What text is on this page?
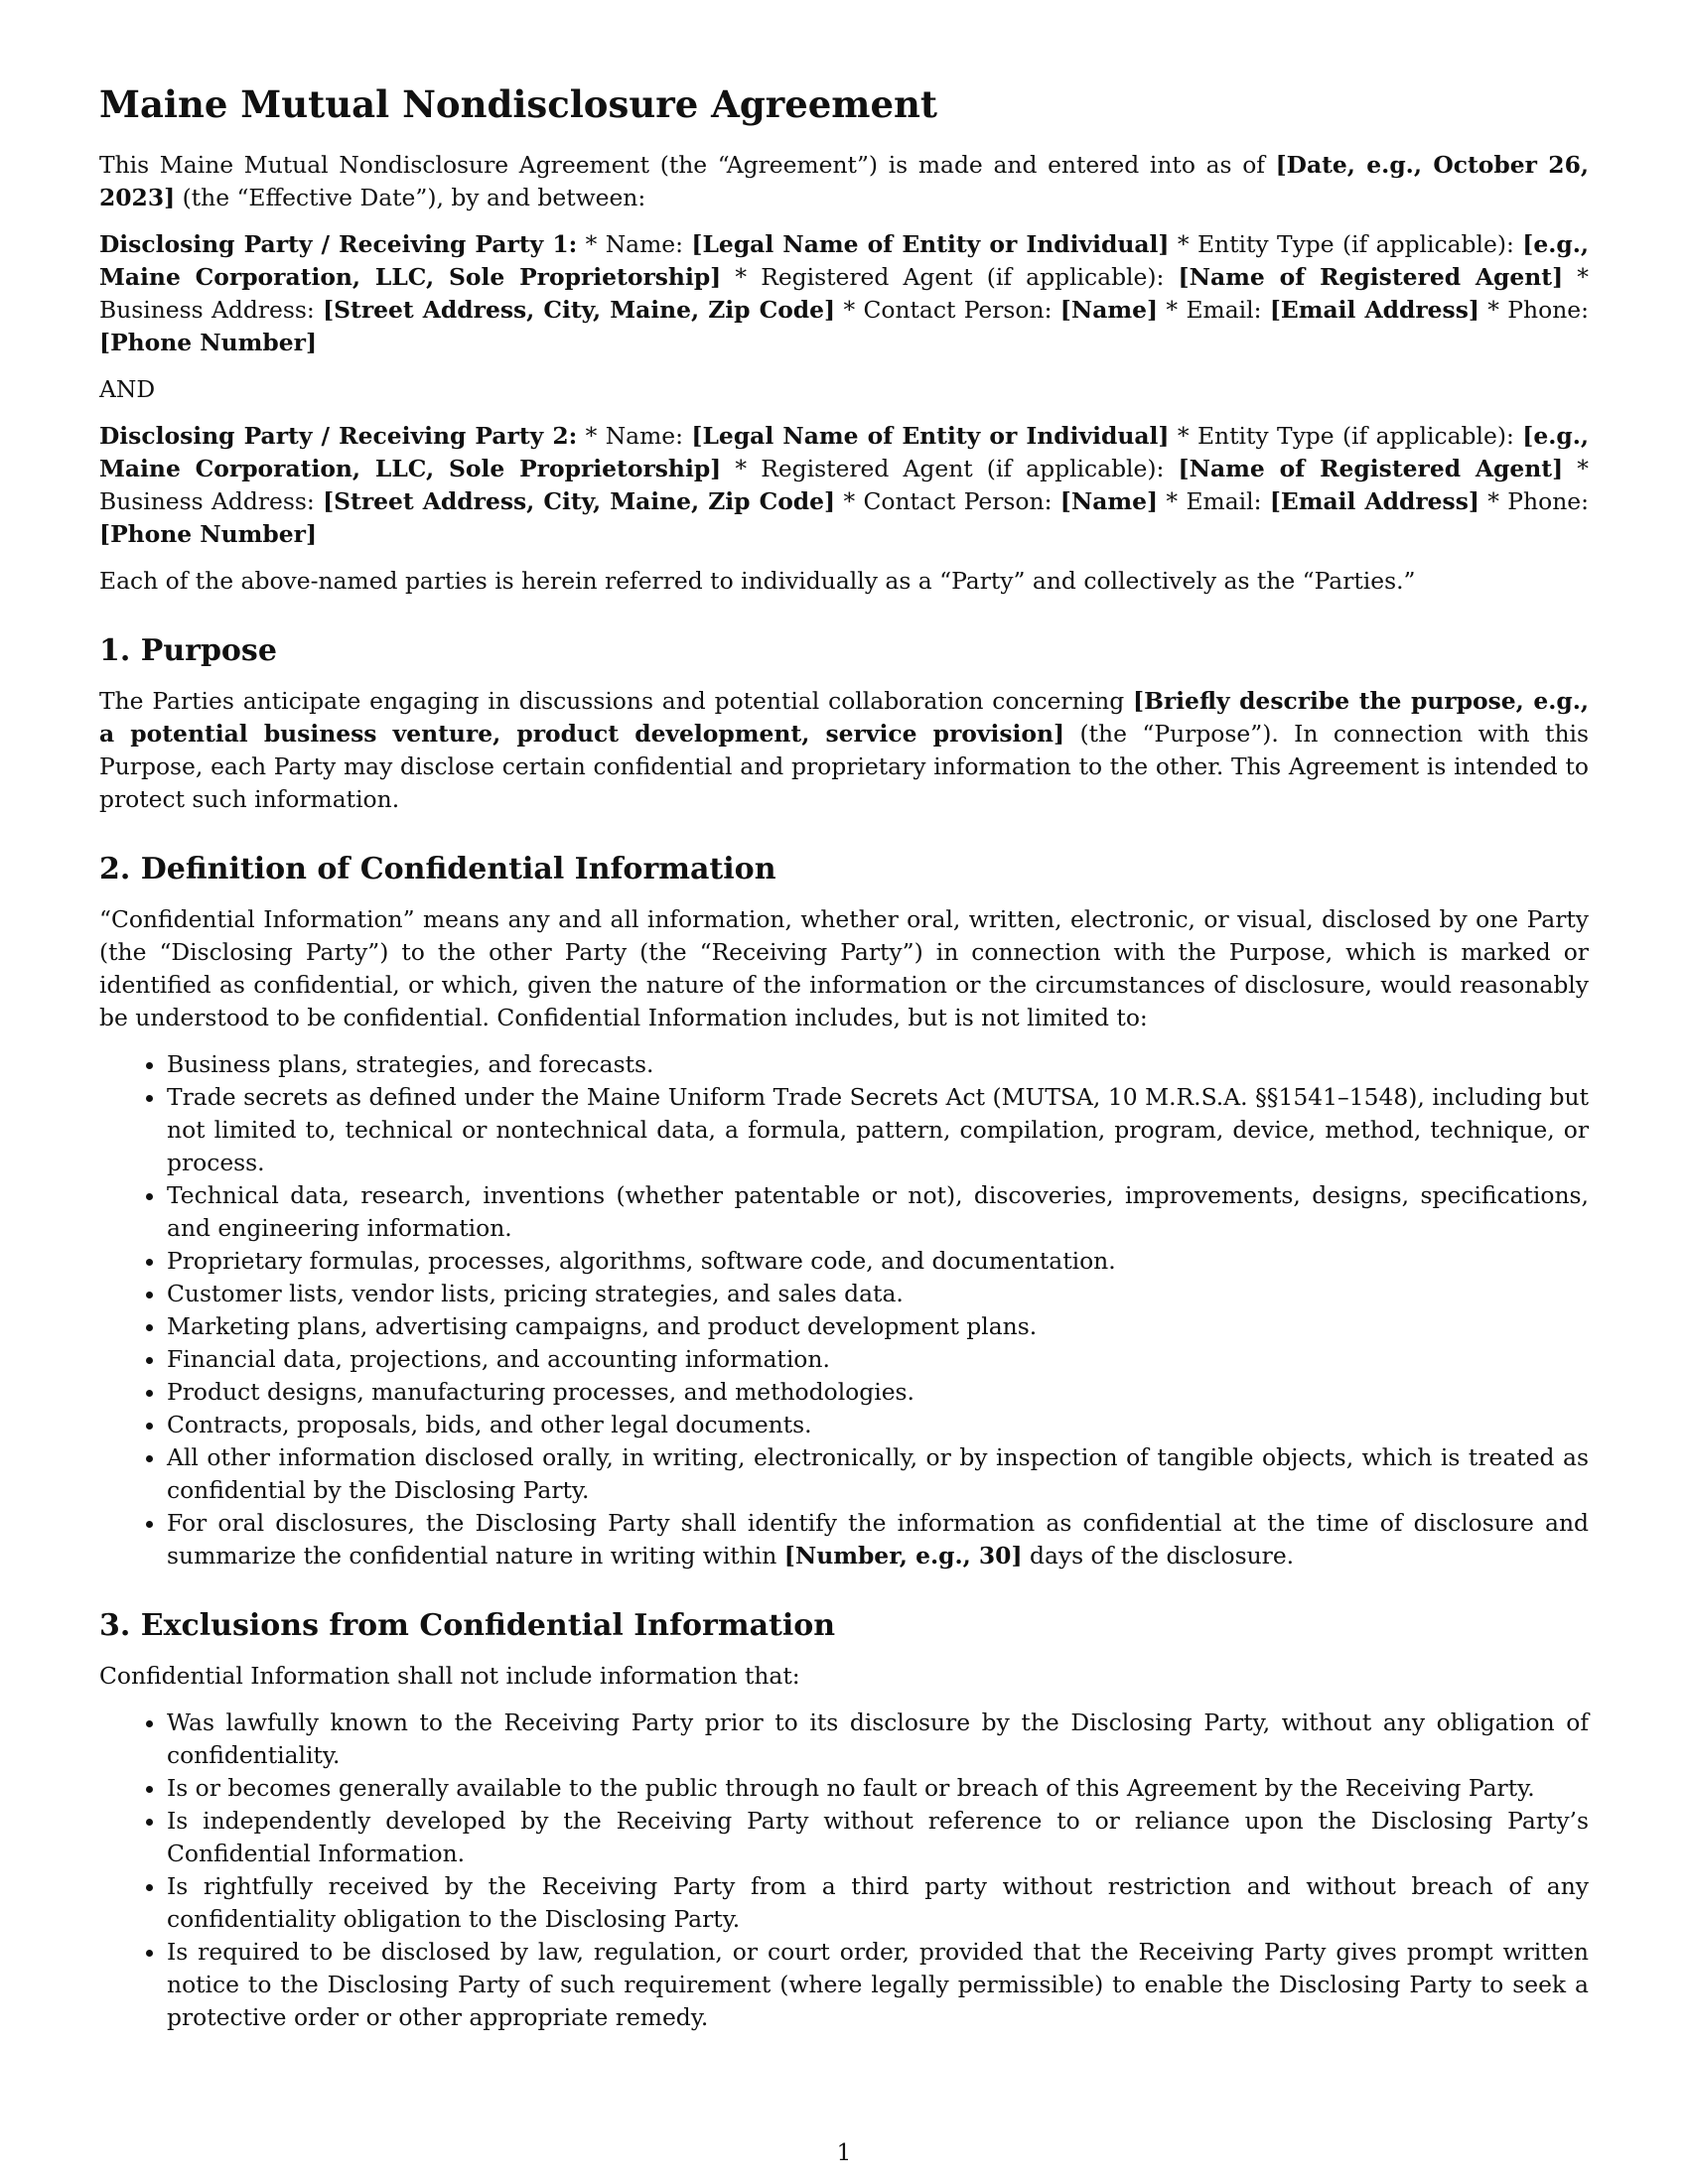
Maine Mutual Nondisclosure Agreement

This Maine Mutual Nondisclosure Agreement (the “Agreement”) is made and entered into as of [Date, e.g., October 26, 2023] (the “Effective Date”), by and between:

Disclosing Party / Receiving Party 1: * Name: [Legal Name of Entity or Individual] * Entity Type (if applicable): [e.g., Maine Corporation, LLC, Sole Proprietorship] * Registered Agent (if applicable): [Name of Registered Agent] * Business Address: [Street Address, City, Maine, Zip Code] * Contact Person: [Name] * Email: [Email Address] * Phone: [Phone Number]

AND

Disclosing Party / Receiving Party 2: * Name: [Legal Name of Entity or Individual] * Entity Type (if applicable): [e.g., Maine Corporation, LLC, Sole Proprietorship] * Registered Agent (if applicable): [Name of Registered Agent] * Business Address: [Street Address, City, Maine, Zip Code] * Contact Person: [Name] * Email: [Email Address] * Phone: [Phone Number]

Each of the above-named parties is herein referred to individually as a “Party” and collectively as the “Parties.”

1. Purpose

The Parties anticipate engaging in discussions and potential collaboration concerning [Briefly describe the purpose, e.g., a potential business venture, product development, service provision] (the “Purpose”). In connection with this Purpose, each Party may disclose certain confidential and proprietary information to the other. This Agreement is intended to protect such information.

2. Definition of Confidential Information

“Confidential Information” means any and all information, whether oral, written, electronic, or visual, disclosed by one Party (the “Disclosing Party”) to the other Party (the “Receiving Party”) in connection with the Purpose, which is marked or identified as confidential, or which, given the nature of the information or the circumstances of disclosure, would reasonably be understood to be confidential. Confidential Information includes, but is not limited to:

• Business plans, strategies, and forecasts.
• Trade secrets as defined under the Maine Uniform Trade Secrets Act (MUTSA, 10 M.R.S.A. §§1541–1548), including but not limited to, technical or nontechnical data, a formula, pattern, compilation, program, device, method, technique, or process.
• Technical data, research, inventions (whether patentable or not), discoveries, improvements, designs, specifications, and engineering information.
• Proprietary formulas, processes, algorithms, software code, and documentation.
• Customer lists, vendor lists, pricing strategies, and sales data.
• Marketing plans, advertising campaigns, and product development plans.
• Financial data, projections, and accounting information.
• Product designs, manufacturing processes, and methodologies.
• Contracts, proposals, bids, and other legal documents.
• All other information disclosed orally, in writing, electronically, or by inspection of tangible objects, which is treated as confidential by the Disclosing Party.
• For oral disclosures, the Disclosing Party shall identify the information as confidential at the time of disclosure and summarize the confidential nature in writing within [Number, e.g., 30] days of the disclosure.
3. Exclusions from Confidential Information

Confidential Information shall not include information that:

• Was lawfully known to the Receiving Party prior to its disclosure by the Disclosing Party, without any obligation of confidentiality.
• Is or becomes generally available to the public through no fault or breach of this Agreement by the Receiving Party.
• Is independently developed by the Receiving Party without reference to or reliance upon the Disclosing Party’s Confidential Information.
• Is rightfully received by the Receiving Party from a third party without restriction and without breach of any confidentiality obligation to the Disclosing Party.
• Is required to be disclosed by law, regulation, or court order, provided that the Receiving Party gives prompt written notice to the Disclosing Party of such requirement (where legally permissible) to enable the Disclosing Party to seek a protective order or other appropriate remedy.
1
